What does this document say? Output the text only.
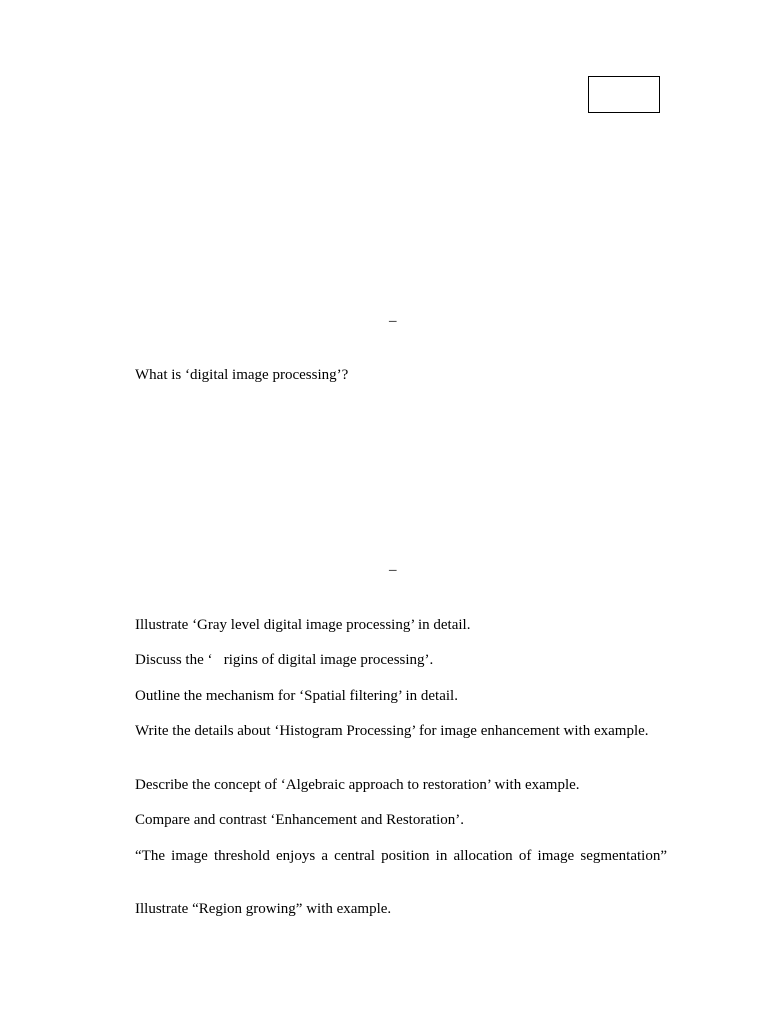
–
What is ‘digital image processing’?
–
Illustrate ‘Gray level digital image processing’ in detail.
Discuss the ‘   rigins of digital image processing’.
Outline the mechanism for ‘Spatial filtering’ in detail.
Write the details about ‘Histogram Processing’ for image enhancement with example.
Describe the concept of ‘Algebraic approach to restoration’ with example.
Compare and contrast ‘Enhancement and Restoration’.
“The image threshold enjoys a central position in allocation of image segmentation”
Illustrate “Region growing” with example.
